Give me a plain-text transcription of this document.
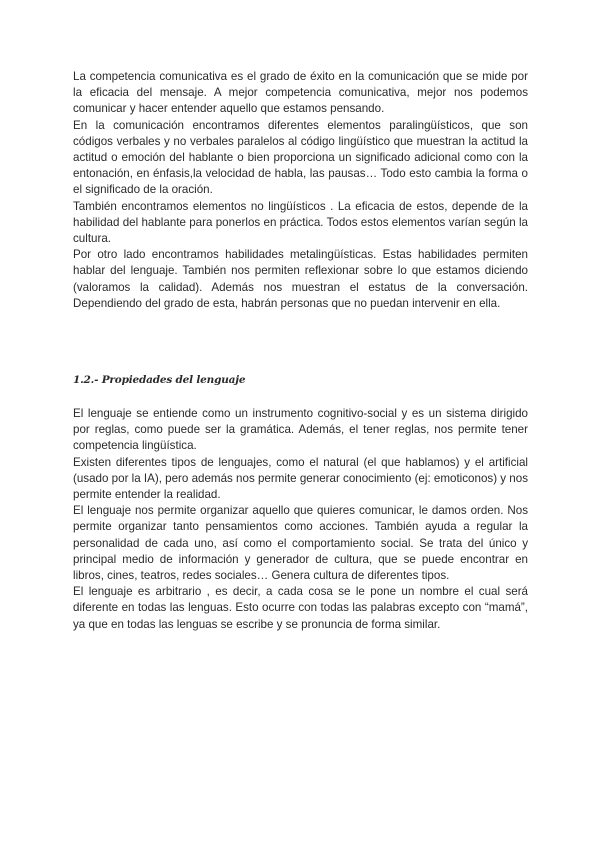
La competencia comunicativa es el grado de éxito en la comunicación que se mide por la eficacia del mensaje. A mejor competencia comunicativa, mejor nos podemos comunicar y hacer entender aquello que estamos pensando.

En la comunicación encontramos diferentes elementos paralingüísticos, que son códigos verbales y no verbales paralelos al código lingüístico que muestran la actitud la actitud o emoción del hablante o bien proporciona un significado adicional como con la entonación, en énfasis,la velocidad de habla, las pausas… Todo esto cambia la forma o el significado de la oración.

También encontramos elementos no lingüísticos . La eficacia de estos, depende de la habilidad del hablante para ponerlos en práctica. Todos estos elementos varían según la cultura.

Por otro lado encontramos habilidades metalingüísticas. Estas habilidades permiten hablar del lenguaje. También nos permiten reflexionar sobre lo que estamos diciendo (valoramos la calidad). Además nos muestran el estatus de la conversación. Dependiendo del grado de esta, habrán personas que no puedan intervenir en ella.

1.2.- Propiedades del lenguaje

El lenguaje se entiende como un instrumento cognitivo-social y es un sistema dirigido por reglas, como puede ser la gramática. Además, el tener reglas, nos permite tener competencia lingüística.

Existen diferentes tipos de lenguajes, como el natural (el que hablamos) y el artificial (usado por la IA), pero además nos permite generar conocimiento (ej: emoticonos) y nos permite entender la realidad.

El lenguaje nos permite organizar aquello que quieres comunicar, le damos orden. Nos permite organizar tanto pensamientos como acciones. También ayuda a regular la personalidad de cada uno, así como el comportamiento social. Se trata del único y principal medio de información y generador de cultura, que se puede encontrar en libros, cines, teatros, redes sociales… Genera cultura de diferentes tipos.

El lenguaje es arbitrario , es decir, a cada cosa se le pone un nombre el cual será diferente en todas las lenguas. Esto ocurre con todas las palabras excepto con “mamá”, ya que en todas las lenguas se escribe y se pronuncia de forma similar.
